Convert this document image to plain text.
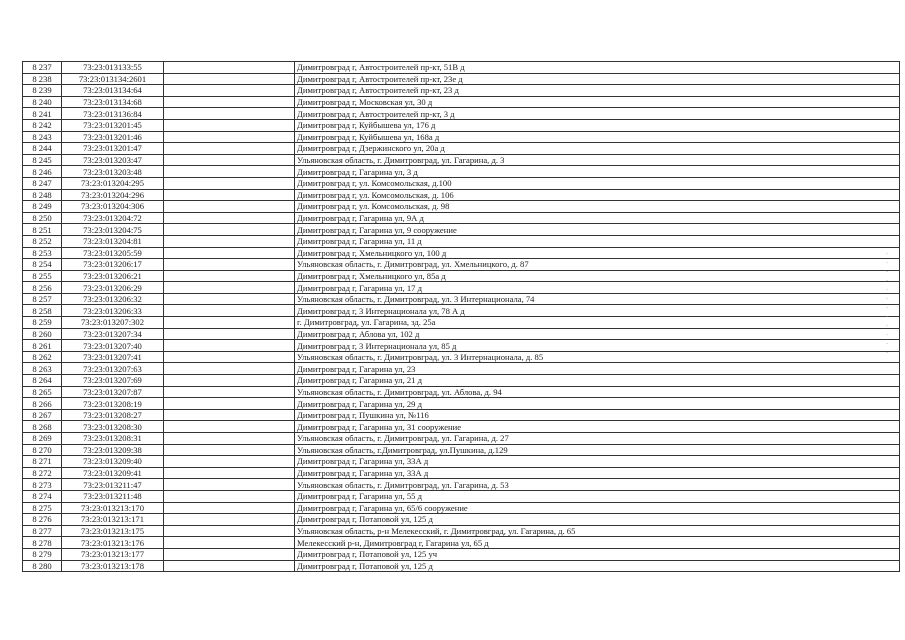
8 237	73:23:013133:55		Димитровград г, Автостроителей пр-кт, 51В д
8 238	73:23:013134:2601		Димитровград г, Автостроителей пр-кт, 23е д
8 239	73:23:013134:64		Димитровград г, Автостроителей пр-кт, 23 д
8 240	73:23:013134:68		Димитровград г, Московская ул, 30 д
8 241	73:23:013136:84		Димитровград г, Автостроителей пр-кт, 3 д
8 242	73:23:013201:45		Димитровград г, Куйбышева ул, 176 д
8 243	73:23:013201:46		Димитровград г, Куйбышева ул, 168а д
8 244	73:23:013201:47		Димитровград г, Дзержинского ул, 20а д
8 245	73:23:013203:47		Ульяновская область, г. Димитровград, ул. Гагарина, д. 3
8 246	73:23:013203:48		Димитровград г, Гагарина ул, 3 д
8 247	73:23:013204:295		Димитровград г, ул. Комсомольская, д.100
8 248	73:23:013204:296		Димитровград г, ул. Комсомольская, д. 106
8 249	73:23:013204:306		Димитровград г, ул. Комсомольская, д. 98
8 250	73:23:013204:72		Димитровград г, Гагарина ул, 9А д
8 251	73:23:013204:75		Димитровград г, Гагарина ул, 9 сооружение
8 252	73:23:013204:81		Димитровград г, Гагарина ул, 11 д
8 253	73:23:013205:59		Димитровград г, Хмельницкого ул, 100 д
8 254	73:23:013206:17		Ульяновская область, г. Димитровград, ул. Хмельницкого, д. 87
8 255	73:23:013206:21		Димитровград г, Хмельницкого ул, 85а д
8 256	73:23:013206:29		Димитровград г, Гагарина ул, 17 д
8 257	73:23:013206:32		Ульяновская область, г. Димитровград, ул. 3 Интернационала, 74
8 258	73:23:013206:33		Димитровград г, 3 Интернационала ул, 78 А д
8 259	73:23:013207:302		г. Димитровград, ул. Гагарина, зд. 25а
8 260	73:23:013207:34		Димитровград г, Аблова ул, 102 д
8 261	73:23:013207:40		Димитровград г, 3 Интернационала ул, 85 д
8 262	73:23:013207:41		Ульяновская область, г. Димитровград, ул. 3 Интернационала, д. 85
8 263	73:23:013207:63		Димитровград г, Гагарина ул, 23
8 264	73:23:013207:69		Димитровград г, Гагарина ул, 21 д
8 265	73:23:013207:87		Ульяновская область, г. Димитровград, ул. Аблова, д. 94
8 266	73:23:013208:19		Димитровград г, Гагарина ул, 29 д
8 267	73:23:013208:27		Димитровград г, Пушкина ул, №116
8 268	73:23:013208:30		Димитровград г, Гагарина ул, 31 сооружение
8 269	73:23:013208:31		Ульяновская область, г. Димитровград, ул. Гагарина, д. 27
8 270	73:23:013209:38		Ульяновская область, г.Димитровград, ул.Пушкина, д.129
8 271	73:23:013209:40		Димитровград г, Гагарина ул, 33А д
8 272	73:23:013209:41		Димитровград г, Гагарина ул, 33А д
8 273	73:23:013211:47		Ульяновская область, г. Димитровград, ул. Гагарина, д. 53
8 274	73:23:013211:48		Димитровград г, Гагарина ул, 55 д
8 275	73:23:013213:170		Димитровград г, Гагарина ул, 65/6 сооружение
8 276	73:23:013213:171		Димитровград г, Потаповой ул, 125 д
8 277	73:23:013213:175		Ульяновская область, р-н Мелекесский, г. Димитровград, ул. Гагарина, д. 65
8 278	73:23:013213:176		Мелекесский р-н, Димитровград г, Гагарина ул, 65 д
8 279	73:23:013213:177		Димитровград г, Потаповой ул, 125 уч
8 280	73:23:013213:178		Димитровград г, Потаповой ул, 125 д
·
·
·
·
·
·
·
·
·
·
·
·
